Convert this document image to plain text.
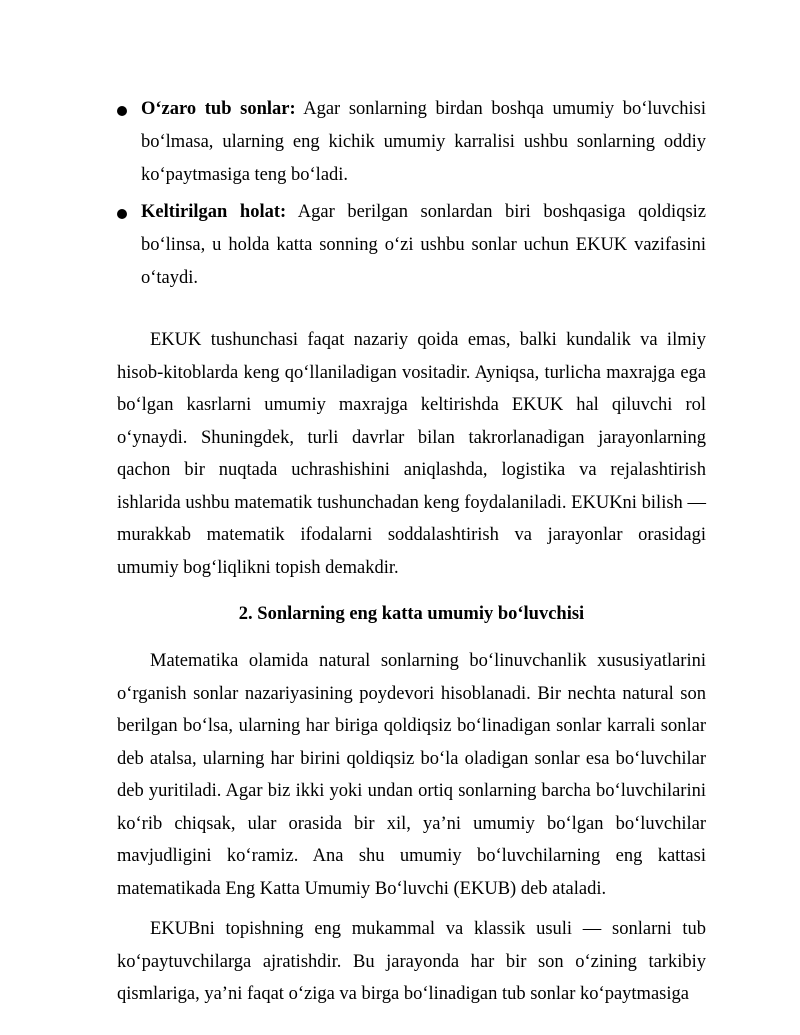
O‘zaro tub sonlar: Agar sonlarning birdan boshqa umumiy bo‘luvchisi bo‘lmasa, ularning eng kichik umumiy karralisi ushbu sonlarning oddiy ko‘paytmasiga teng bo‘ladi.
Keltirilgan holat: Agar berilgan sonlardan biri boshqasiga qoldiqsiz bo‘linsa, u holda katta sonning o‘zi ushbu sonlar uchun EKUK vazifasini o‘taydi.

EKUK tushunchasi faqat nazariy qoida emas, balki kundalik va ilmiy hisob-kitoblarda keng qo‘llaniladigan vositadir. Ayniqsa, turlicha maxrajga ega bo‘lgan kasrlarni umumiy maxrajga keltirishda EKUK hal qiluvchi rol o‘ynaydi. Shuningdek, turli davrlar bilan takrorlanadigan jarayonlarning qachon bir nuqtada uchrashishini aniqlashda, logistika va rejalashtirish ishlarida ushbu matematik tushunchadan keng foydalaniladi. EKUKni bilish — murakkab matematik ifodalarni soddalashtirish va jarayonlar orasidagi umumiy bog‘liqlikni topish demakdir.

2. Sonlarning eng katta umumiy bo‘luvchisi

Matematika olamida natural sonlarning bo‘linuvchanlik xususiyatlarini o‘rganish sonlar nazariyasining poydevori hisoblanadi. Bir nechta natural son berilgan bo‘lsa, ularning har biriga qoldiqsiz bo‘linadigan sonlar karrali sonlar deb atalsa, ularning har birini qoldiqsiz bo‘la oladigan sonlar esa bo‘luvchilar deb yuritiladi. Agar biz ikki yoki undan ortiq sonlarning barcha bo‘luvchilarini ko‘rib chiqsak, ular orasida bir xil, ya’ni umumiy bo‘lgan bo‘luvchilar mavjudligini ko‘ramiz. Ana shu umumiy bo‘luvchilarning eng kattasi matematikada Eng Katta Umumiy Bo‘luvchi (EKUB) deb ataladi.

EKUBni topishning eng mukammal va klassik usuli — sonlarni tub ko‘paytuvchilarga ajratishdir. Bu jarayonda har bir son o‘zining tarkibiy qismlariga, ya’ni faqat o‘ziga va birga bo‘linadigan tub sonlar ko‘paytmasiga
